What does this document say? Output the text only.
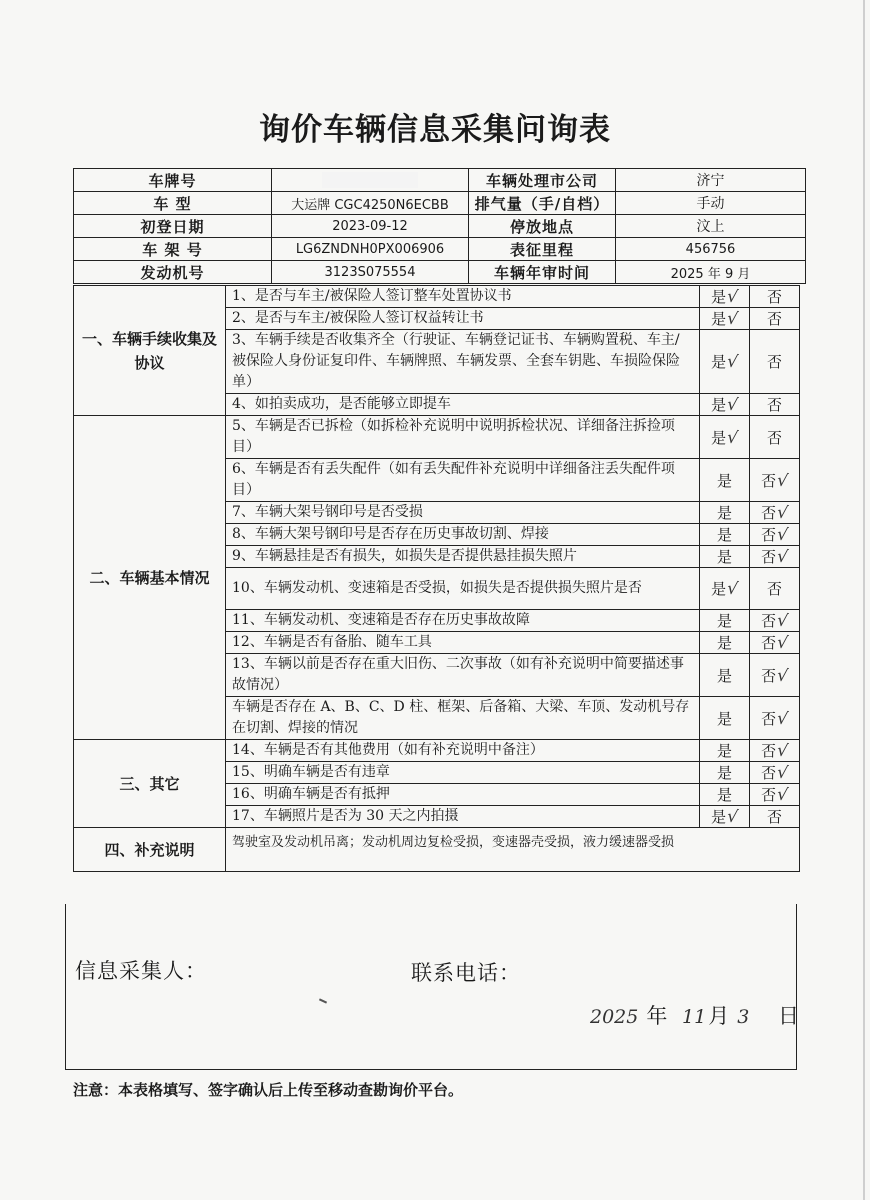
询价车辆信息采集问询表
车牌号		车辆处理市公司	济宁
车 型	大运牌 CGC4250N6ECBB	排气量（手/自档）	手动
初登日期	2023-09-12	停放地点	汶上
车 架 号	LG6ZNDNH0PX006906	表征里程	456756
发动机号	3123S075554	车辆年审时间	2025 年 9 月
一、车辆手续收集及协议	1、是否与车主/被保险人签订整车处置协议书	是√	否
	2、是否与车主/被保险人签订权益转让书	是√	否
	3、车辆手续是否收集齐全（行驶证、车辆登记证书、车辆购置税、车主/被保险人身份证复印件、车辆牌照、车辆发票、全套车钥匙、车损险保险单）	是√	否
	4、如拍卖成功，是否能够立即提车	是√	否
二、车辆基本情况	5、车辆是否已拆检（如拆检补充说明中说明拆检状况、详细备注拆捡项目）	是√	否
	6、车辆是否有丢失配件（如有丢失配件补充说明中详细备注丢失配件项目）	是	否√
	7、车辆大架号钢印号是否受损	是	否√
	8、车辆大架号钢印号是否存在历史事故切割、焊接	是	否√
	9、车辆悬挂是否有损失，如损失是否提供悬挂损失照片	是	否√
	10、车辆发动机、变速箱是否受损，如损失是否提供损失照片是否	是√	否
	11、车辆发动机、变速箱是否存在历史事故故障	是	否√
	12、车辆是否有备胎、随车工具	是	否√
	13、车辆以前是否存在重大旧伤、二次事故（如有补充说明中简要描述事故情况）	是	否√
	车辆是否存在 A、B、C、D 柱、框架、后备箱、大梁、车顶、发动机号存在切割、焊接的情况	是	否√
三、其它	14、车辆是否有其他费用（如有补充说明中备注）	是	否√
	15、明确车辆是否有违章	是	否√
	16、明确车辆是否有抵押	是	否√
	17、车辆照片是否为 30 天之内拍摄	是√	否
四、补充说明	驾驶室及发动机吊离；发动机周边复检受损，变速器壳受损，液力缓速器受损		
信息采集人：	联系电话：
2025 年 11月 3 日
注意：本表格填写、签字确认后上传至移动查勘询价平台。
